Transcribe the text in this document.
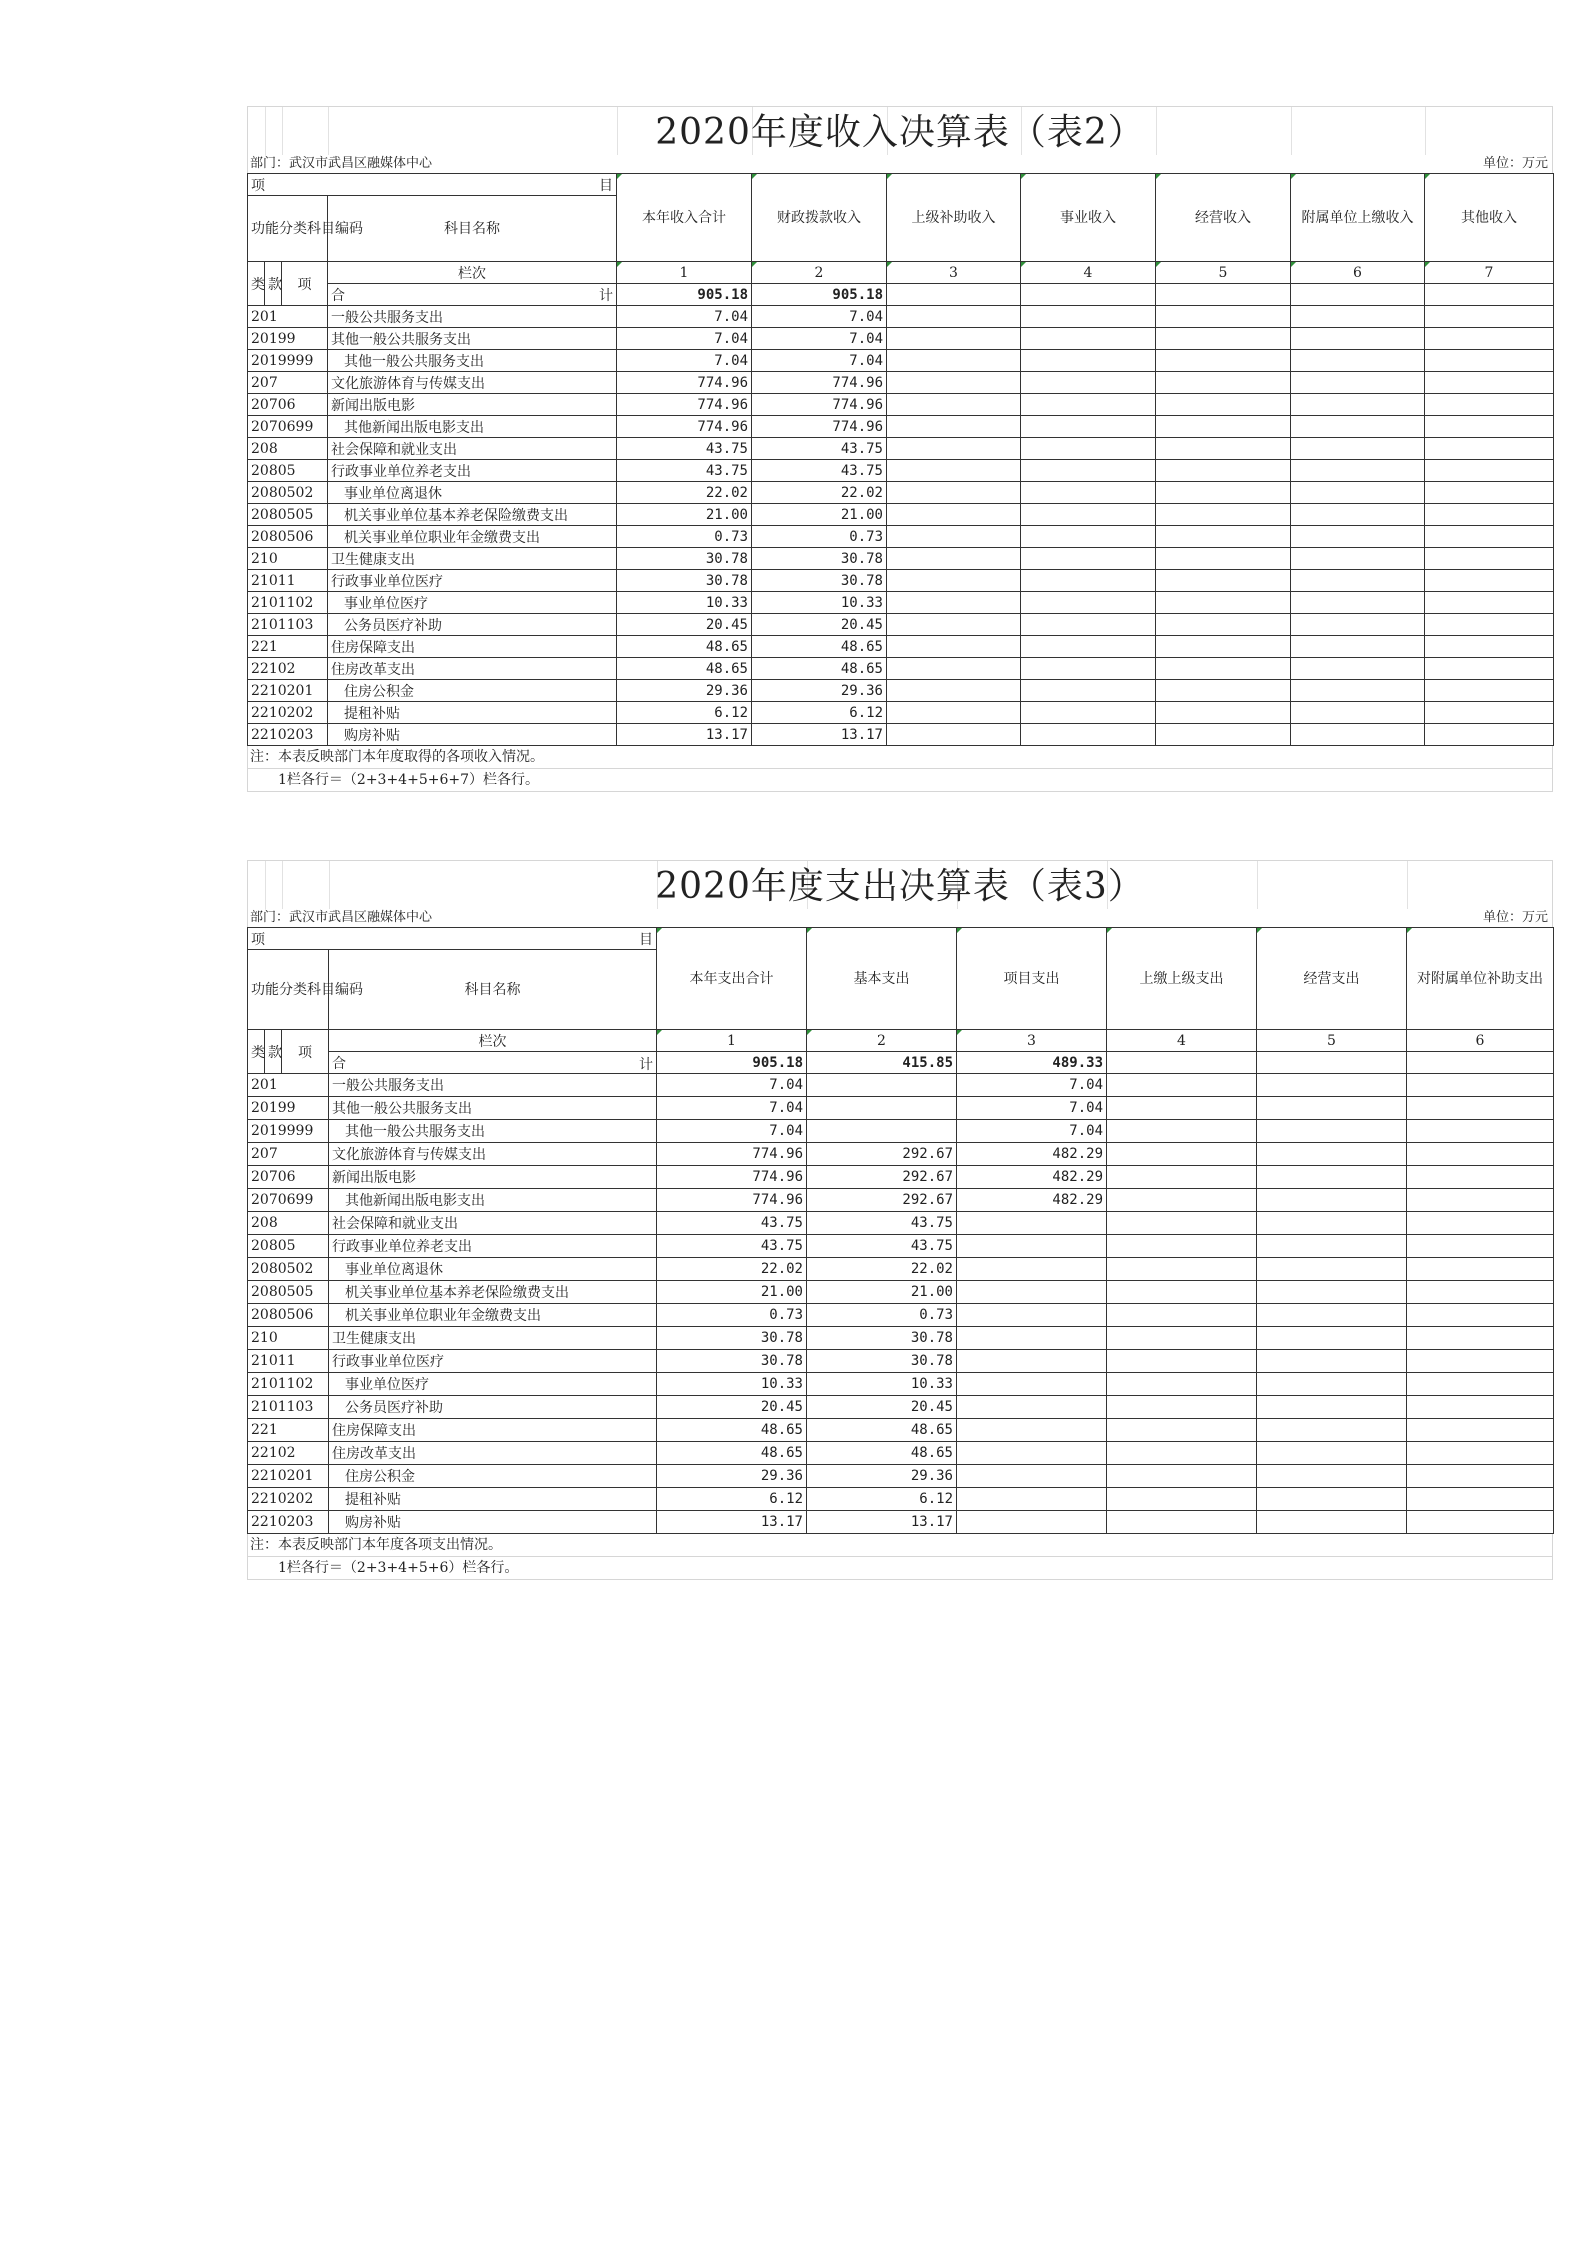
2020年度收入决算表（表2）
部门：武汉市武昌区融媒体中心	单位：万元
项 目				本年收入合计	财政拨款收入	上级补助收入	事业收入	经营收入	附属单位上缴收入	其他收入
功能分类科目编码			科目名称							

类	款	项	栏次	1	2	3	4	5	6	7
			合 计	905.18	905.18					
201			一般公共服务支出	7.04	7.04					
20199			其他一般公共服务支出	7.04	7.04					
2019999			其他一般公共服务支出	7.04	7.04					
207			文化旅游体育与传媒支出	774.96	774.96					
20706			新闻出版电影	774.96	774.96					
2070699			其他新闻出版电影支出	774.96	774.96					
208			社会保障和就业支出	43.75	43.75					
20805			行政事业单位养老支出	43.75	43.75					
2080502			事业单位离退休	22.02	22.02					
2080505			机关事业单位基本养老保险缴费支出	21.00	21.00					
2080506			机关事业单位职业年金缴费支出	0.73	0.73					
210			卫生健康支出	30.78	30.78					
21011			行政事业单位医疗	30.78	30.78					
2101102			事业单位医疗	10.33	10.33					
2101103			公务员医疗补助	20.45	20.45					
221			住房保障支出	48.65	48.65					
22102			住房改革支出	48.65	48.65					
2210201			住房公积金	29.36	29.36					
2210202			提租补贴	6.12	6.12					
2210203			购房补贴	13.17	13.17					
注：本表反映部门本年度取得的各项收入情况。
1栏各行＝（2+3+4+5+6+7）栏各行。
2020年度支出决算表（表3）
部门：武汉市武昌区融媒体中心	单位：万元
项 目				本年支出合计	基本支出	项目支出	上缴上级支出	经营支出	对附属单位补助支出
功能分类科目编码			科目名称						
类	款	项	栏次	1	2	3	4	5	6
			合 计	905.18	415.85	489.33			
201			一般公共服务支出	7.04		7.04			
20199			其他一般公共服务支出	7.04		7.04			
2019999			其他一般公共服务支出	7.04		7.04			
207			文化旅游体育与传媒支出	774.96	292.67	482.29			
20706			新闻出版电影	774.96	292.67	482.29			
2070699			其他新闻出版电影支出	774.96	292.67	482.29			
208			社会保障和就业支出	43.75	43.75				
20805			行政事业单位养老支出	43.75	43.75				
2080502			事业单位离退休	22.02	22.02				
2080505			机关事业单位基本养老保险缴费支出	21.00	21.00				
2080506			机关事业单位职业年金缴费支出	0.73	0.73				
210			卫生健康支出	30.78	30.78				
21011			行政事业单位医疗	30.78	30.78				
2101102			事业单位医疗	10.33	10.33				
2101103			公务员医疗补助	20.45	20.45				
221			住房保障支出	48.65	48.65				
22102			住房改革支出	48.65	48.65				
2210201			住房公积金	29.36	29.36				
2210202			提租补贴	6.12	6.12				
2210203			购房补贴	13.17	13.17				
注：本表反映部门本年度各项支出情况。
1栏各行＝（2+3+4+5+6）栏各行。
